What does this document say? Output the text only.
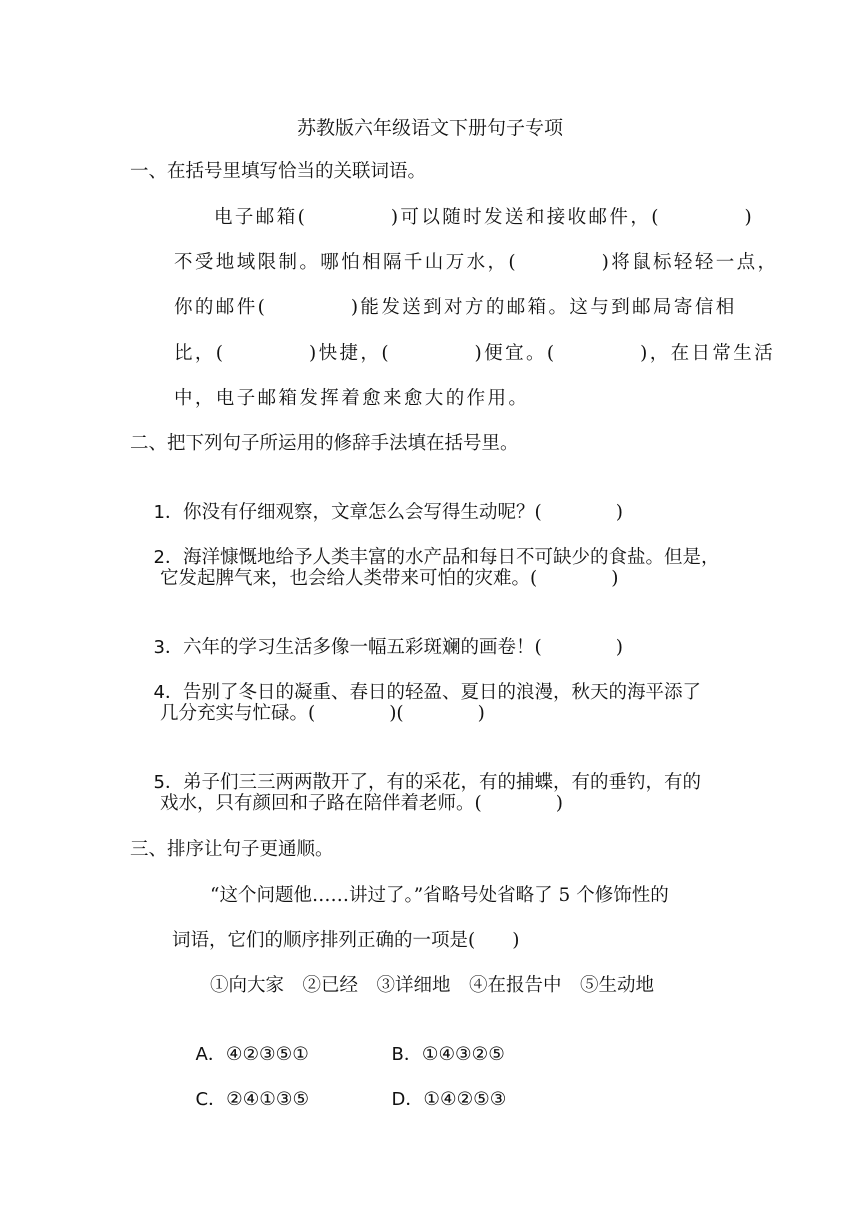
苏教版六年级语文下册句子专项
一、在括号里填写恰当的关联词语。
电子邮箱(　　　　)可以随时发送和接收邮件，(　　　　)
不受地域限制。哪怕相隔千山万水，(　　　　)将鼠标轻轻一点，
你的邮件(　　　　)能发送到对方的邮箱。这与到邮局寄信相
比，(　　　　)快捷，(　　　　)便宜。(　　　　)，在日常生活
中，电子邮箱发挥着愈来愈大的作用。
二、把下列句子所运用的修辞手法填在括号里。

1．你没有仔细观察，文章怎么会写得生动呢？(　　　　)

2．海洋慷慨地给予人类丰富的水产品和每日不可缺少的食盐。但是，

它发起脾气来，也会给人类带来可怕的灾难。(　　　　)

3．六年的学习生活多像一幅五彩斑斓的画卷！(　　　　)

4．告别了冬日的凝重、春日的轻盈、夏日的浪漫，秋天的海平添了

几分充实与忙碌。(　　　　)(　　　　)

5．弟子们三三两两散开了，有的采花，有的捕蝶，有的垂钓，有的

戏水，只有颜回和子路在陪伴着老师。(　　　　)
三、排序让句子更通顺。
“这个问题他……讲过了。”省略号处省略了 5 个修饰性的
词语，它们的顺序排列正确的一项是(　　)
①向大家　②已经　③详细地　④在报告中　⑤生动地

A．④②③⑤①
	B．①④③②⑤

C．②④①③⑤
	D．①④②⑤③
